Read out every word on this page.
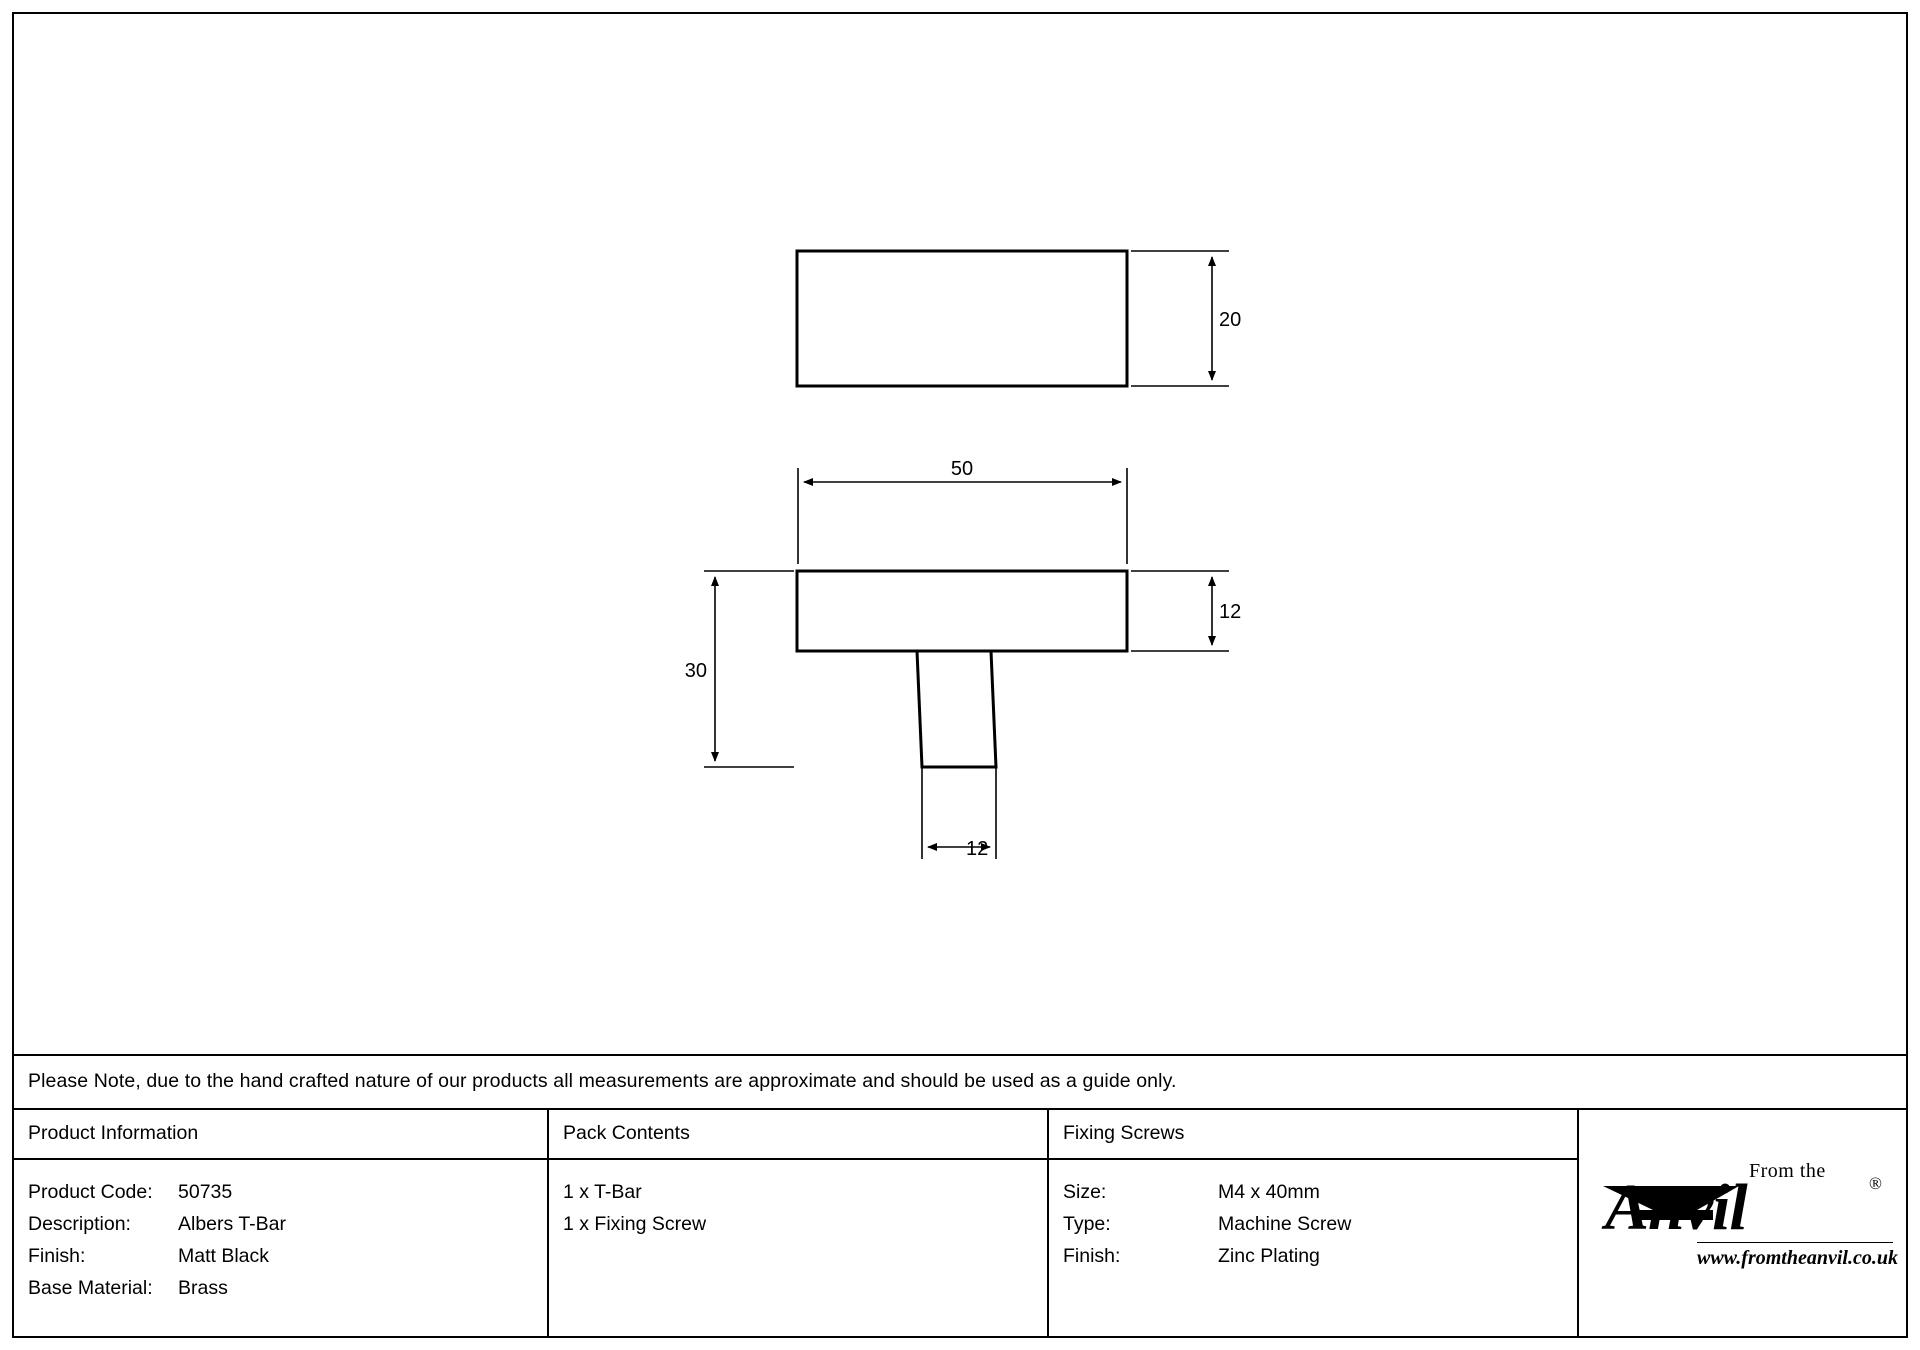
20
50
12
30
12
Please Note, due to the hand crafted nature of our products all measurements are approximate and should be used as a guide only.
Product Information
Product Code:	50735
Description:	Albers T-Bar
Finish:	Matt Black
Base Material:	Brass
Pack Contents
1 x T-Bar
1 x Fixing Screw
Fixing Screws
Size:	M4 x 40mm
Type:	Machine Screw
Finish:	Zinc Plating
From the
Anvil	®
www.fromtheanvil.co.uk
